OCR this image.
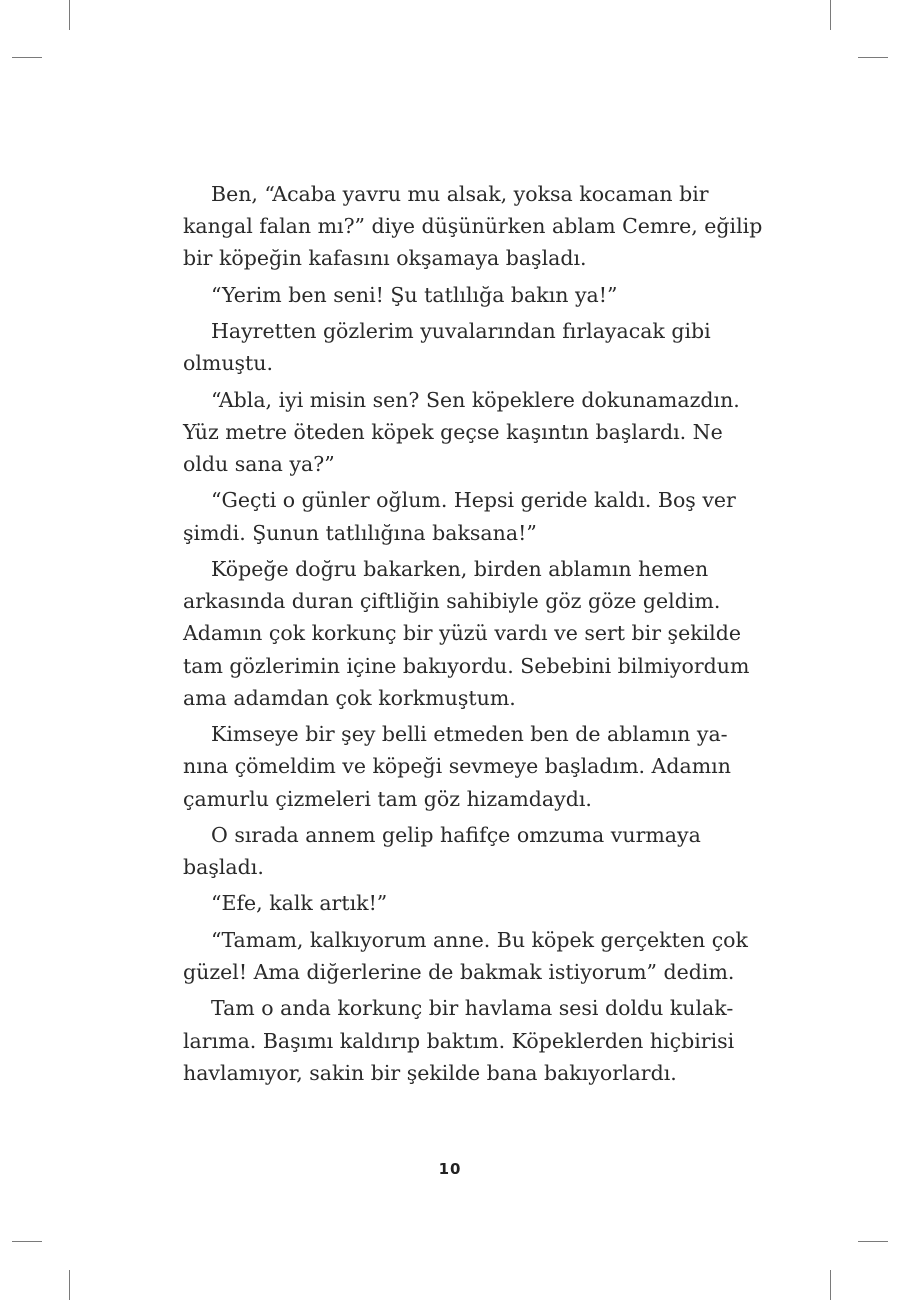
Ben, “Acaba yavru mu alsak, yoksa kocaman bir
kangal falan mı?” diye düşünürken ablam Cemre, eğilip
bir köpeğin kafasını okşamaya başladı.
“Yerim ben seni! Şu tatlılığa bakın ya!”
Hayretten gözlerim yuvalarından fırlayacak gibi
olmuştu.
“Abla, iyi misin sen? Sen köpeklere dokunamazdın.
Yüz metre öteden köpek geçse kaşıntın başlardı. Ne
oldu sana ya?”
“Geçti o günler oğlum. Hepsi geride kaldı. Boş ver
şimdi. Şunun tatlılığına baksana!”
Köpeğe doğru bakarken, birden ablamın hemen
arkasında duran çiftliğin sahibiyle göz göze geldim.
Adamın çok korkunç bir yüzü vardı ve sert bir şekilde
tam gözlerimin içine bakıyordu. Sebebini bilmiyordum
ama adamdan çok korkmuştum.
Kimseye bir şey belli etmeden ben de ablamın ya-
nına çömeldim ve köpeği sevmeye başladım. Adamın
çamurlu çizmeleri tam göz hizamdaydı.
O sırada annem gelip hafifçe omzuma vurmaya
başladı.
“Efe, kalk artık!”
“Tamam, kalkıyorum anne. Bu köpek gerçekten çok
güzel! Ama diğerlerine de bakmak istiyorum” dedim.
Tam o anda korkunç bir havlama sesi doldu kulak-
larıma. Başımı kaldırıp baktım. Köpeklerden hiçbirisi
havlamıyor, sakin bir şekilde bana bakıyorlardı.
10
